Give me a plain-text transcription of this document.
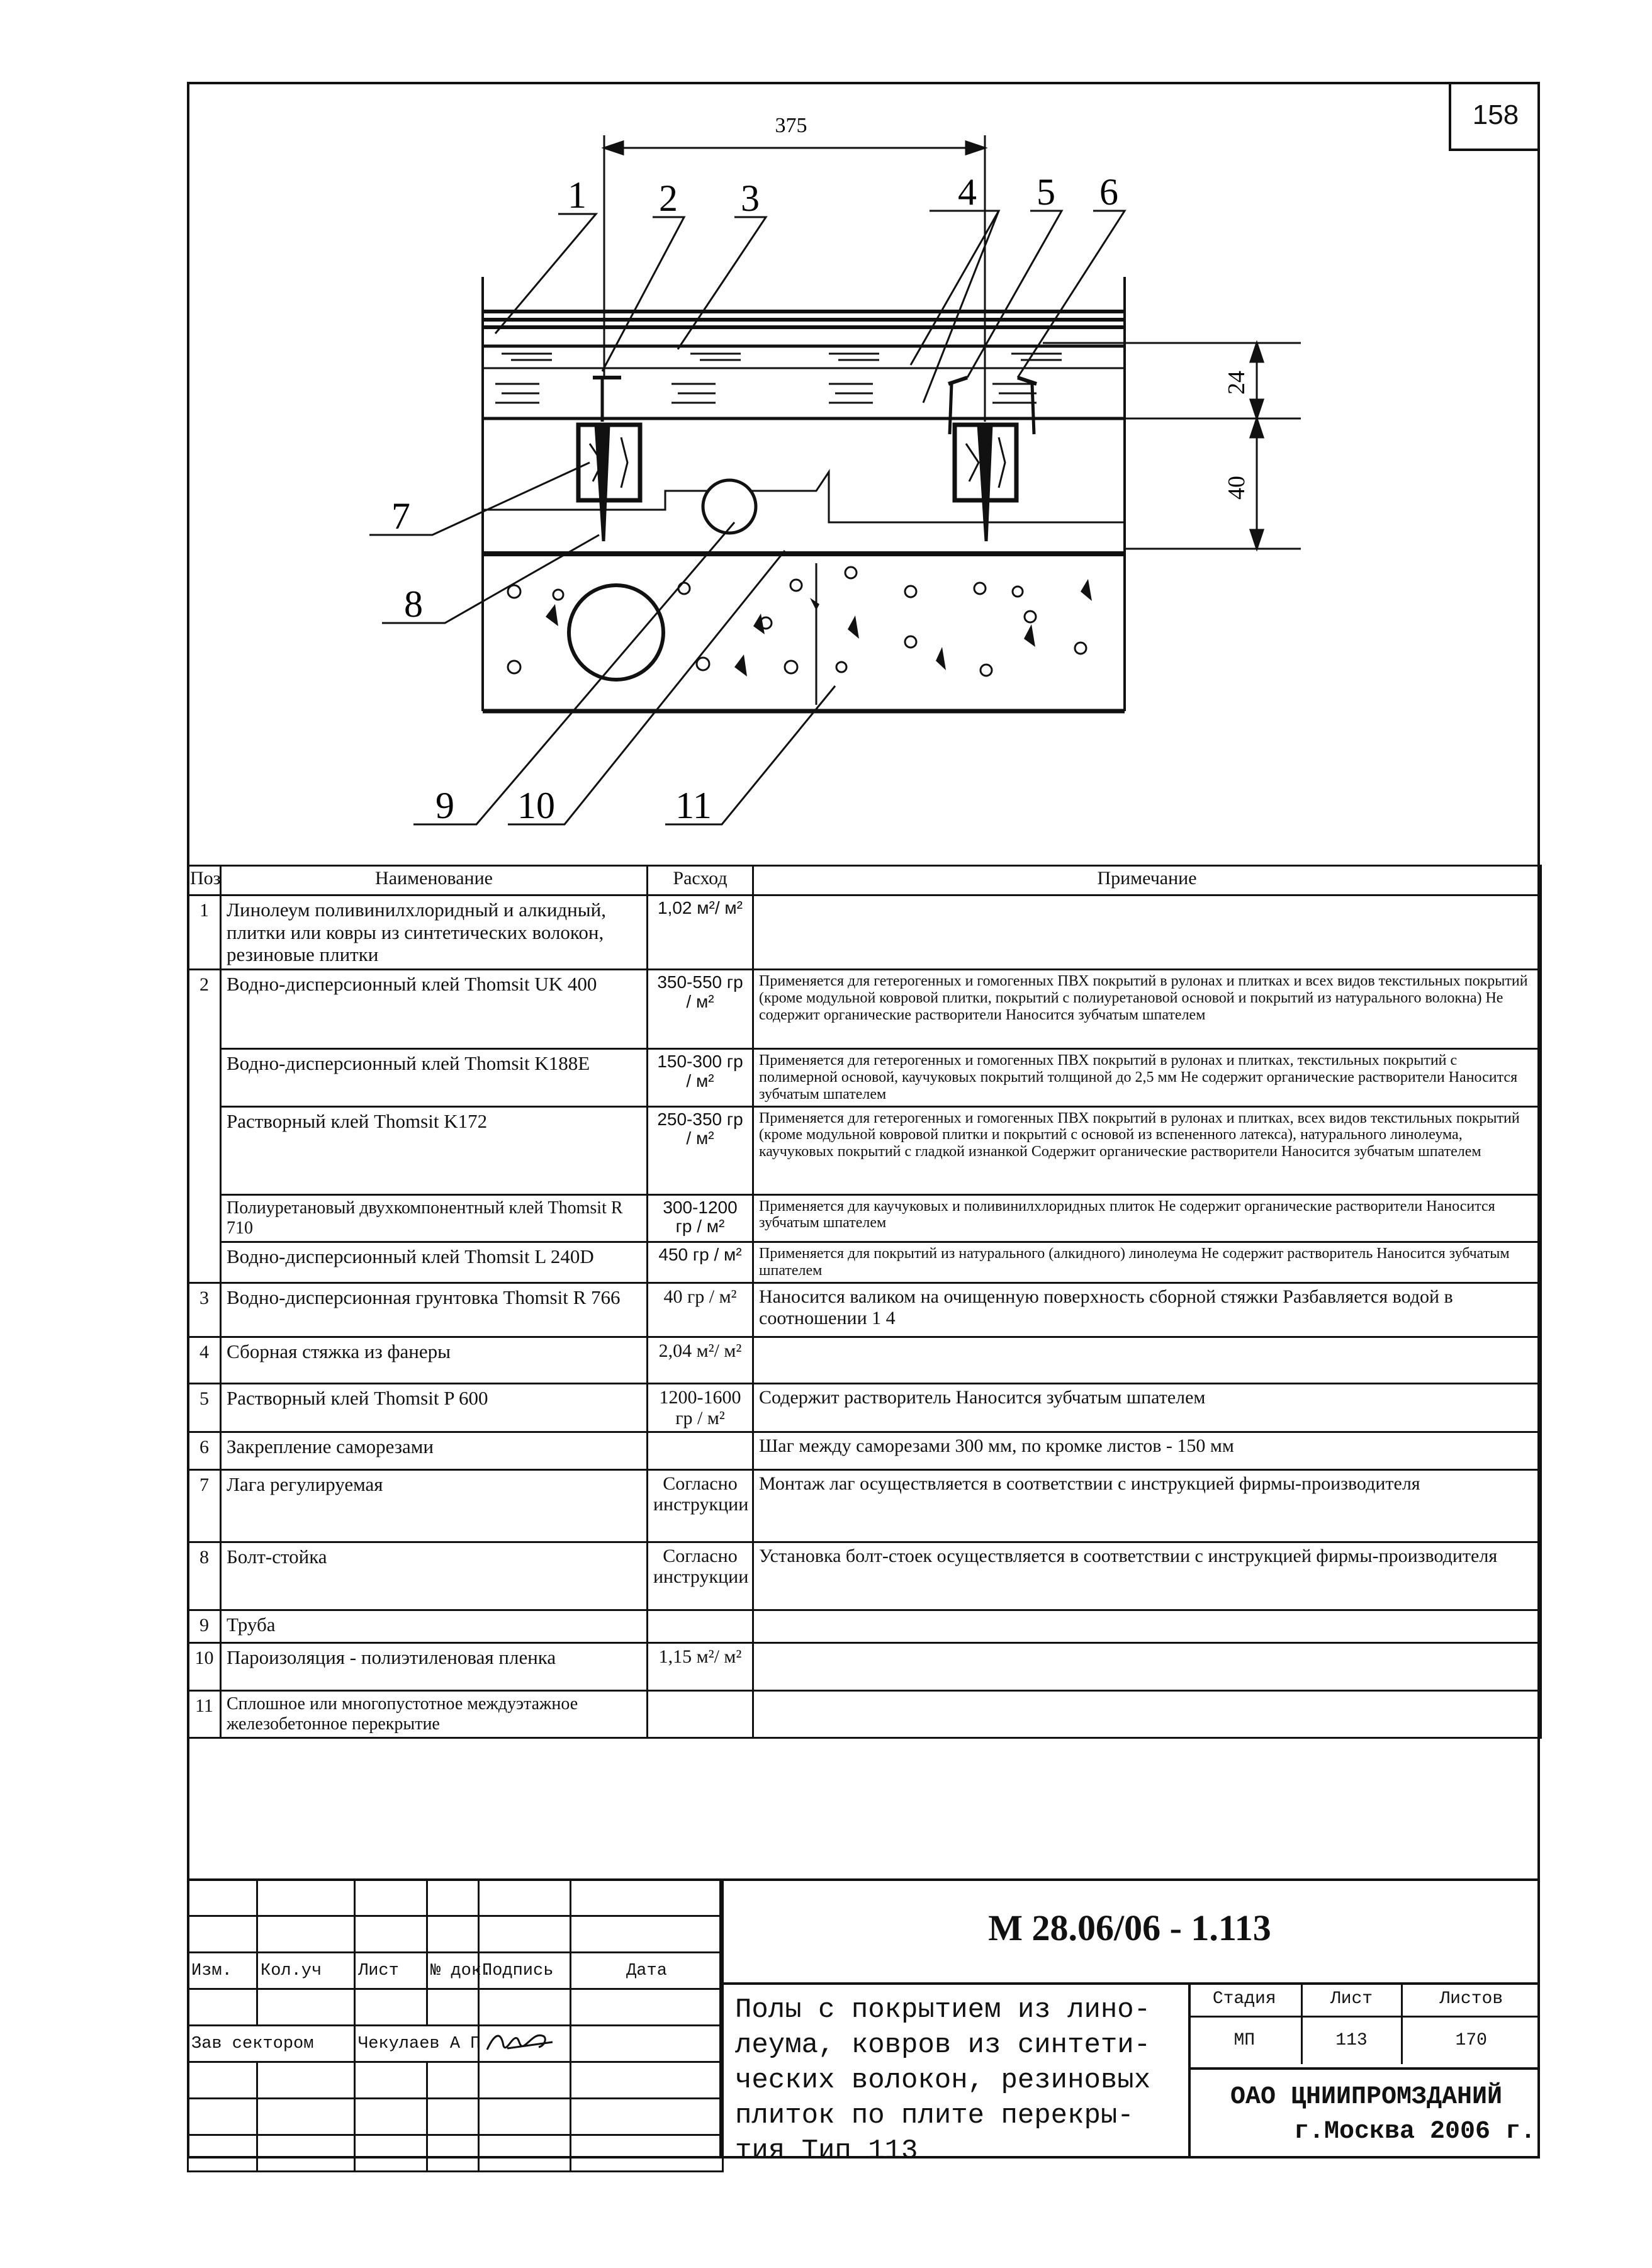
158
375
24
40
1 2 3	4 5 6
7
8
9 10	11
Поз	Наименование	Расход	Примечание
1	Линолеум поливинилхлоридный и алкидный, плитки или ковры из синтетических волокон, резиновые плитки	1,02 м²/ м²	
2	Водно-дисперсионный клей Thomsit UK 400	350-550 гр / м²	Применяется для гетерогенных и гомогенных ПВХ покрытий в рулонах и плитках и всех видов текстильных покрытий (кроме модульной ковровой плитки, покрытий с полиуретановой основой и покрытий из натурального волокна) Не содержит органические растворители Наносится зубчатым шпателем
	Водно-дисперсионный клей Thomsit K188E	150-300 гр / м²	Применяется для гетерогенных и гомогенных ПВХ покрытий в рулонах и плитках, текстильных покрытий с полимерной основой, каучуковых покрытий толщиной до 2,5 мм Не содержит органические растворители Наносится зубчатым шпателем
	Растворный клей Thomsit K172	250-350 гр / м²	Применяется для гетерогенных и гомогенных ПВХ покрытий в рулонах и плитках, всех видов текстильных покрытий (кроме модульной ковровой плитки и покрытий с основой из вспененного латекса), натурального линолеума, каучуковых покрытий с гладкой изнанкой Содержит органические растворители Наносится зубчатым шпателем
	Полиуретановый двухкомпонентный клей Thomsit R 710	300-1200 гр / м²	Применяется для каучуковых и поливинилхлоридных плиток Не содержит органические растворители Наносится зубчатым шпателем
	Водно-дисперсионный клей Thomsit L 240D	450 гр / м²	Применяется для покрытий из натурального (алкидного) линолеума Не содержит растворитель Наносится зубчатым шпателем
3	Водно-дисперсионная грунтовка Thomsit R 766	40 гр / м²	Наносится валиком на очищенную поверхность сборной стяжки Разбавляется водой в соотношении 1 4
4	Сборная стяжка из фанеры	2,04 м²/ м²	
5	Растворный клей Thomsit P 600	1200-1600 гр / м²	Содержит растворитель Наносится зубчатым шпателем
6	Закрепление саморезами		Шаг между саморезами 300 мм, по кромке листов - 150 мм
7	Лага регулируемая	Согласно инструкции	Монтаж лаг осуществляется в соответствии с инструкцией фирмы-производителя
8	Болт-стойка	Согласно инструкции	Установка болт-стоек осуществляется в соответствии с инструкцией фирмы-производителя
9	Труба		
10	Пароизоляция - полиэтиленовая пленка	1,15 м²/ м²	
11	Сплошное или многопустотное междуэтажное железобетонное перекрытие		

Изм.	Кол.уч	Лист	№ док.	Подпись	Дата

Зав сектором		Чекулаев А П		

М 28.06/06 - 1.113
Полы с покрытием из лино-
леума, ковров из синтети-
ческих волокон, резиновых
плиток по плите перекры-
тия Тип 113
Стадия	Лист	Листов
МП	113	170
ОАО ЦНИИПРОМЗДАНИЙ
г.Москва 2006 г.
